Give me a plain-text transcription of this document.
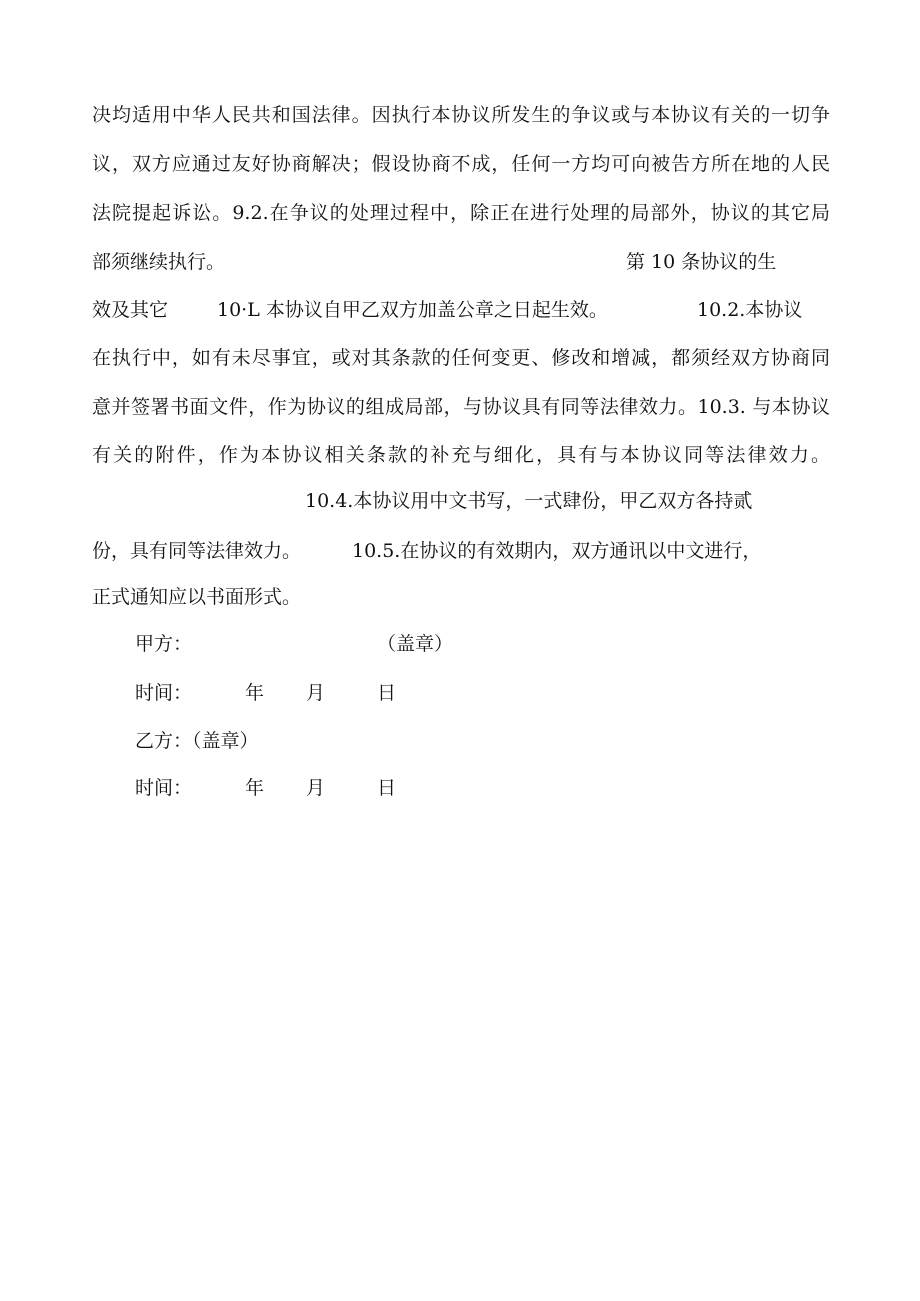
决均适用中华人民共和国法律。因执行本协议所发生的争议或与本协议有关的一切争
议，双方应通过友好协商解决；假设协商不成，任何一方均可向被告方所在地的人民
法院提起诉讼。9.2.在争议的处理过程中，除正在进行处理的局部外，协议的其它局
部须继续执行。	第 10 条协议的生
效及其它	10·L 本协议自甲乙双方加盖公章之日起生效。	10.2.本协议
在执行中，如有未尽事宜，或对其条款的任何变更、修改和增减，都须经双方协商同
意并签署书面文件，作为协议的组成局部，与协议具有同等法律效力。10.3. 与本协议
有关的附件，作为本协议相关条款的补充与细化，具有与本协议同等法律效力。
10.4.本协议用中文书写，一式肆份，甲乙双方各持贰
份，具有同等法律效力。	10.5.在协议的有效期内，双方通讯以中文进行，
正式通知应以书面形式。
甲方：	（盖章）
时间：	年 月	日
乙方：（盖章）
时间：	年 月	日
